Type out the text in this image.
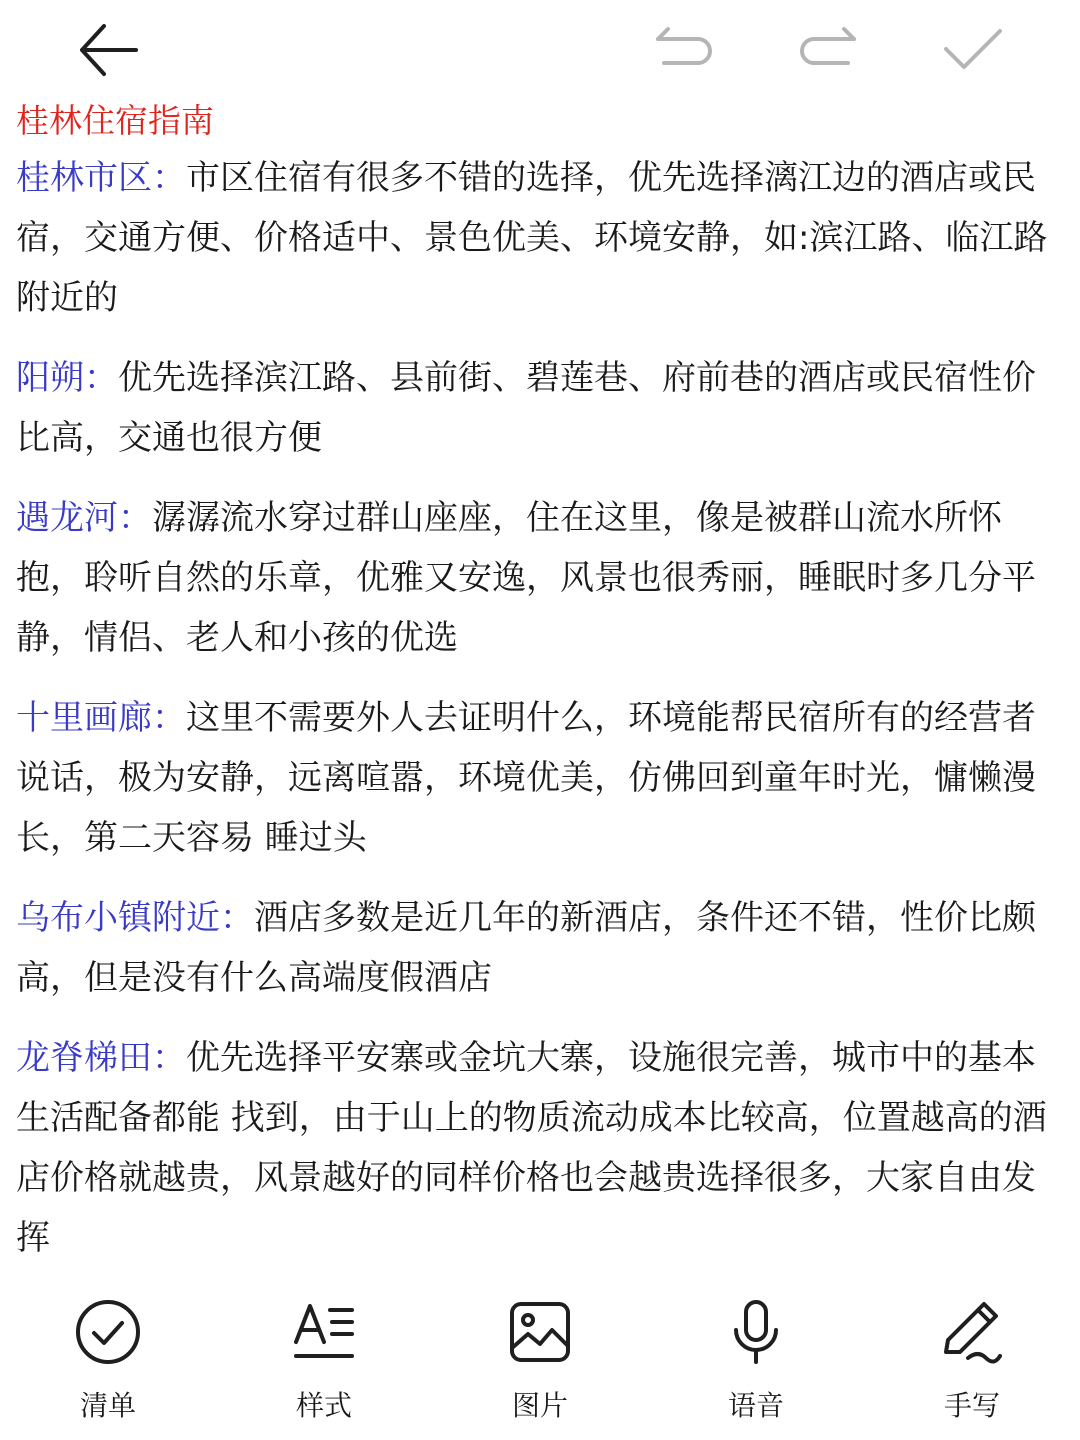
桂林住宿指南

桂林市区：市区住宿有很多不错的选择，优先选择漓江边的酒店或民宿，交通方便、价格适中、景色优美、环境安静，如:滨江路、临江路附近的

阳朔：优先选择滨江路、县前街、碧莲巷、府前巷的酒店或民宿性价比高，交通也很方便

遇龙河：潺潺流水穿过群山座座，住在这里，像是被群山流水所怀抱，聆听自然的乐章，优雅又安逸，风景也很秀丽，睡眠时多几分平静，情侣、老人和小孩的优选

十里画廊：这里不需要外人去证明什么，环境能帮民宿所有的经营者说话，极为安静，远离喧嚣，环境优美，仿佛回到童年时光，慵懒漫长，第二天容易 睡过头

乌布小镇附近：酒店多数是近几年的新酒店，条件还不错，性价比颇高，但是没有什么高端度假酒店

龙脊梯田：优先选择平安寨或金坑大寨，设施很完善，城市中的基本生活配备都能 找到，由于山上的物质流动成本比较高，位置越高的酒店价格就越贵，风景越好的同样价格也会越贵选择很多，大家自由发挥

清单	样式	图片	语音	手写
